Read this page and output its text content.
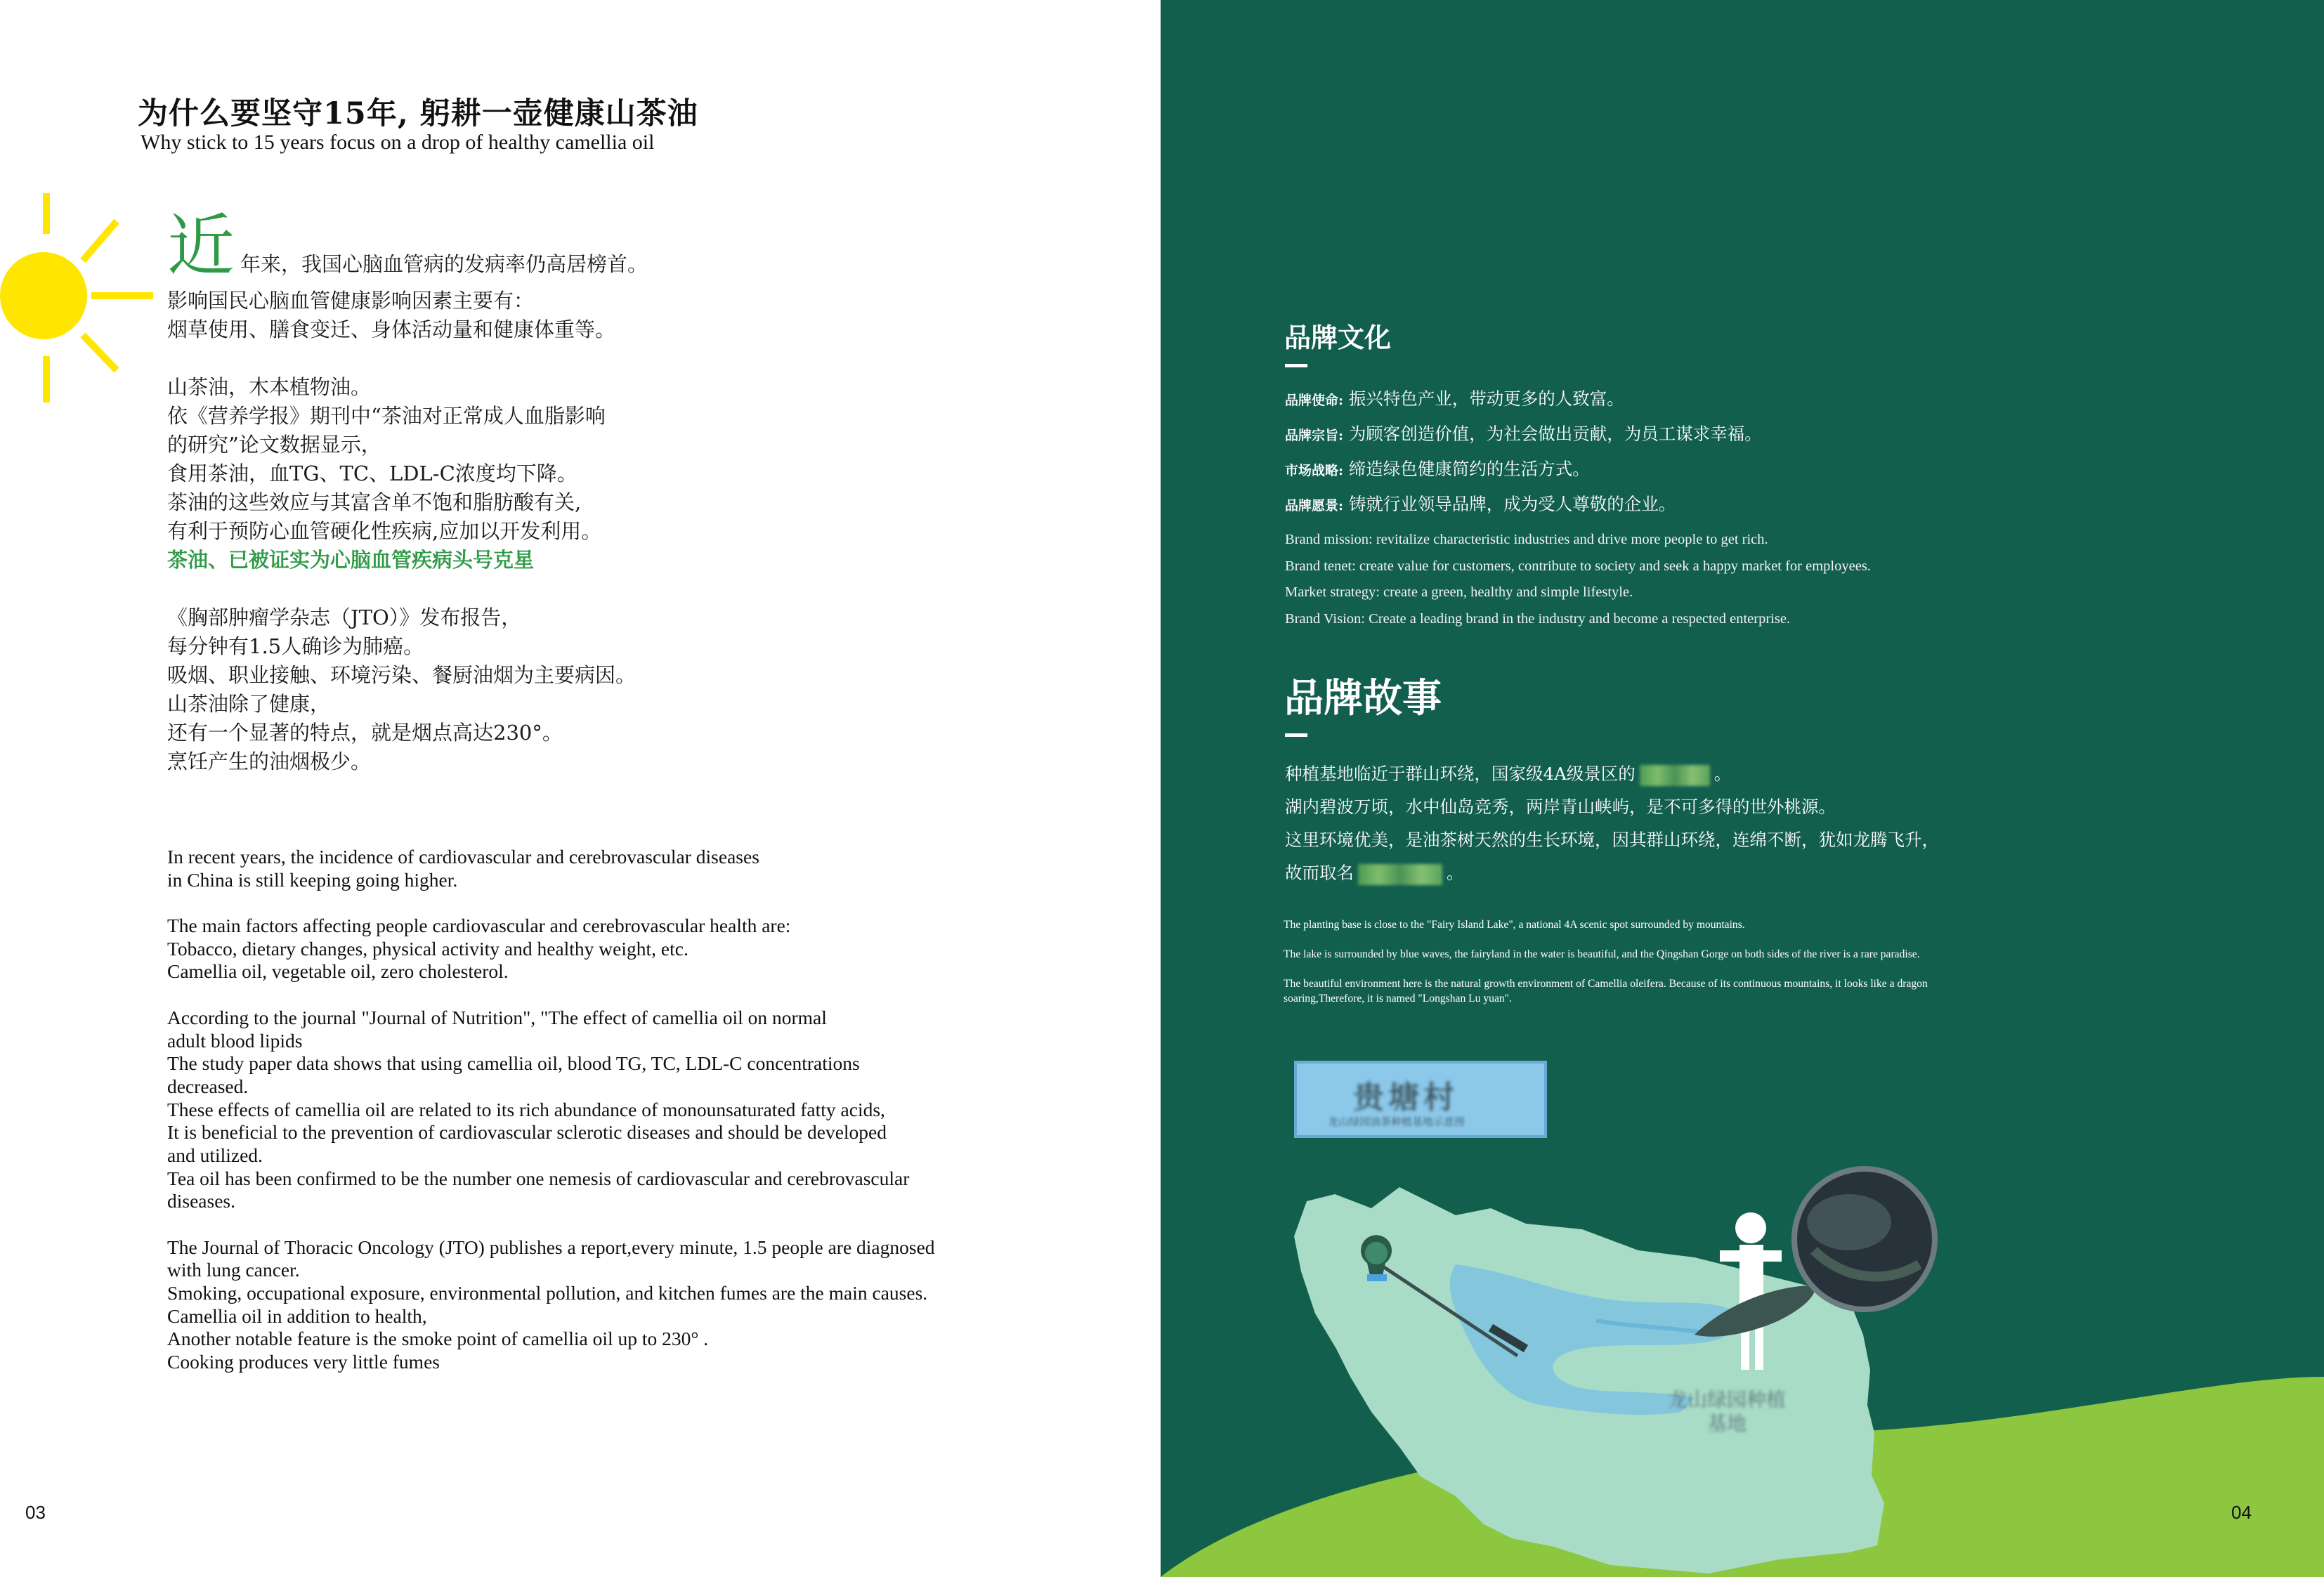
为什么要坚守15年, 躬耕一壶健康山茶油
Why stick to 15 years focus on a drop of healthy camellia oil
近 年来，我国心脑血管病的发病率仍高居榜首。
影响国民心脑血管健康影响因素主要有：
烟草使用、膳食变迁、身体活动量和健康体重等。
山茶油，木本植物油。
依《营养学报》期刊中“茶油对正常成人血脂影响
的研究”论文数据显示，
食用茶油，血TG、TC、LDL-C浓度均下降。
茶油的这些效应与其富含单不饱和脂肪酸有关,
有利于预防心血管硬化性疾病,应加以开发利用。
茶油、已被证实为心脑血管疾病头号克星
《胸部肿瘤学杂志（JTO）》发布报告，
每分钟有1.5人确诊为肺癌。
吸烟、职业接触、环境污染、餐厨油烟为主要病因。
山茶油除了健康，
还有一个显著的特点，就是烟点高达230°。
烹饪产生的油烟极少。
In recent years, the incidence of cardiovascular and cerebrovascular diseases
in China is still keeping going higher.
The main factors affecting people cardiovascular and cerebrovascular health are:
Tobacco, dietary changes, physical activity and healthy weight, etc.
Camellia oil, vegetable oil, zero cholesterol.
According to the journal "Journal of Nutrition", "The effect of camellia oil on normal
adult blood lipids
The study paper data shows that using camellia oil, blood TG, TC, LDL-C concentrations
decreased.
These effects of camellia oil are related to its rich abundance of monounsaturated fatty acids,
It is beneficial to the prevention of cardiovascular sclerotic diseases and should be developed
and utilized.
Tea oil has been confirmed to be the number one nemesis of cardiovascular and cerebrovascular
diseases.
The Journal of Thoracic Oncology (JTO) publishes a report,every minute, 1.5 people are diagnosed
with lung cancer.
Smoking, occupational exposure, environmental pollution, and kitchen fumes are the main causes.
Camellia oil in addition to health,
Another notable feature is the smoke point of camellia oil up to 230° .
Cooking produces very little fumes
03
品牌文化
品牌使命: 振兴特色产业，带动更多的人致富。
品牌宗旨: 为顾客创造价值，为社会做出贡献，为员工谋求幸福。
市场战略: 缔造绿色健康简约的生活方式。
品牌愿景: 铸就行业领导品牌，成为受人尊敬的企业。
Brand mission: revitalize characteristic industries and drive more people to get rich.
Brand tenet: create value for customers, contribute to society and seek a happy market for employees.
Market strategy: create a green, healthy and simple lifestyle.
Brand Vision: Create a leading brand in the industry and become a respected enterprise.
品牌故事
种植基地临近于群山环绕，国家级4A级景区的	。
湖内碧波万顷，水中仙岛竞秀，两岸青山峡屿，是不可多得的世外桃源。
这里环境优美，是油茶树天然的生长环境，因其群山环绕，连绵不断，犹如龙腾飞升，
故而取名	。

The planting base is close to the "Fairy Island Lake", a national 4A scenic spot surrounded by mountains.

The lake is surrounded by blue waves, the fairyland in the water is beautiful, and the Qingshan Gorge on both sides of the river is a rare paradise.

The beautiful environment here is the natural growth environment of Camellia oleifera. Because of its continuous mountains, it looks like a dragon soaring,Therefore, it is named "Longshan Lu yuan".

贵塘村
龙山绿园油茶种植基地示意图
龙山绿园种植基地
04
